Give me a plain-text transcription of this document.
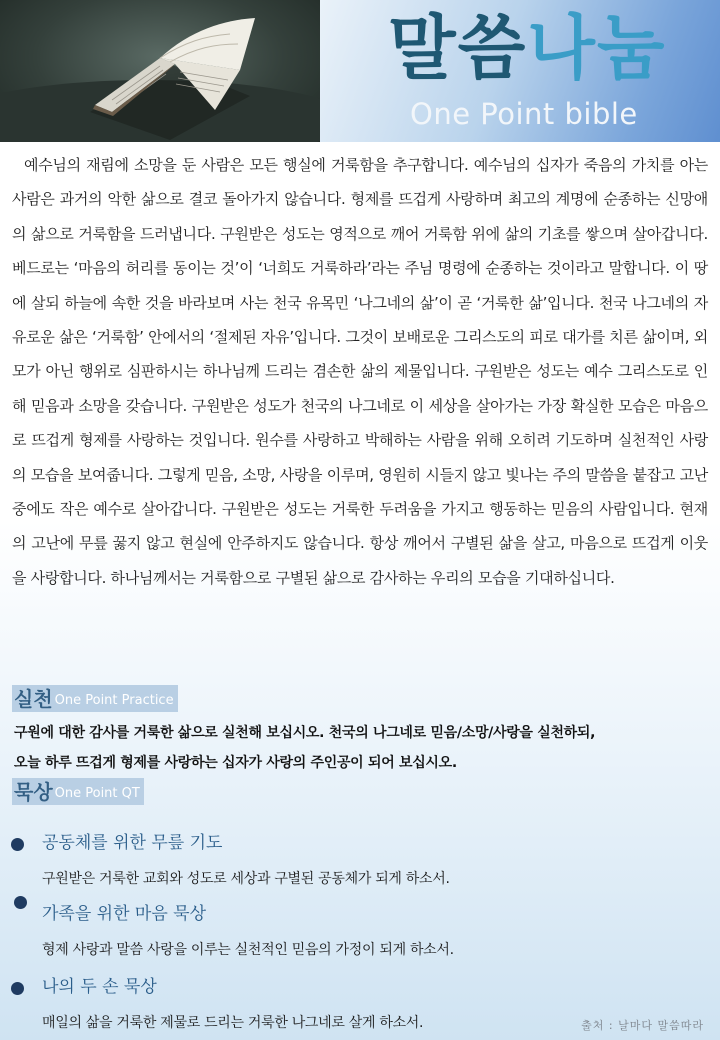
말씀나눔
One Point bible
예수님의 재림에 소망을 둔 사람은 모든 행실에 거룩함을 추구합니다. 예수님의 십자가 죽음의 가치를 아는 사람은 과거의 악한 삶으로 결코 돌아가지 않습니다. 형제를 뜨겁게 사랑하며 최고의 계명에 순종하는 신망애의 삶으로 거룩함을 드러냅니다. 구원받은 성도는 영적으로 깨어 거룩함 위에 삶의 기초를 쌓으며 살아갑니다. 베드로는 ‘마음의 허리를 동이는 것’이 ‘너희도 거룩하라’라는 주님 명령에 순종하는 것이라고 말합니다. 이 땅에 살되 하늘에 속한 것을 바라보며 사는 천국 유목민 ‘나그네의 삶’이 곧 ‘거룩한 삶’입니다. 천국 나그네의 자유로운 삶은 ‘거룩함’ 안에서의 ‘절제된 자유’입니다. 그것이 보배로운 그리스도의 피로 대가를 치른 삶이며, 외모가 아닌 행위로 심판하시는 하나님께 드리는 겸손한 삶의 제물입니다. 구원받은 성도는 예수 그리스도로 인해 믿음과 소망을 갖습니다. 구원받은 성도가 천국의 나그네로 이 세상을 살아가는 가장 확실한 모습은 마음으로 뜨겁게 형제를 사랑하는 것입니다. 원수를 사랑하고 박해하는 사람을 위해 오히려 기도하며 실천적인 사랑의 모습을 보여줍니다. 그렇게 믿음, 소망, 사랑을 이루며, 영원히 시들지 않고 빛나는 주의 말씀을 붙잡고 고난 중에도 작은 예수로 살아갑니다. 구원받은 성도는 거룩한 두려움을 가지고 행동하는 믿음의 사람입니다. 현재의 고난에 무릎 꿇지 않고 현실에 안주하지도 않습니다. 항상 깨어서 구별된 삶을 살고, 마음으로 뜨겁게 이웃을 사랑합니다. 하나님께서는 거룩함으로 구별된 삶으로 감사하는 우리의 모습을 기대하십니다.
실천 One Point Practice
구원에 대한 감사를 거룩한 삶으로 실천해 보십시오. 천국의 나그네로 믿음/소망/사랑을 실천하되,
오늘 하루 뜨겁게 형제를 사랑하는 십자가 사랑의 주인공이 되어 보십시오.
묵상 One Point QT
공동체를 위한 무릎 기도
구원받은 거룩한 교회와 성도로 세상과 구별된 공동체가 되게 하소서.
가족을 위한 마음 묵상
형제 사랑과 말씀 사랑을 이루는 실천적인 믿음의 가정이 되게 하소서.
나의 두 손 묵상
매일의 삶을 거룩한 제물로 드리는 거룩한 나그네로 살게 하소서.	출처 : 날마다 말씀따라
